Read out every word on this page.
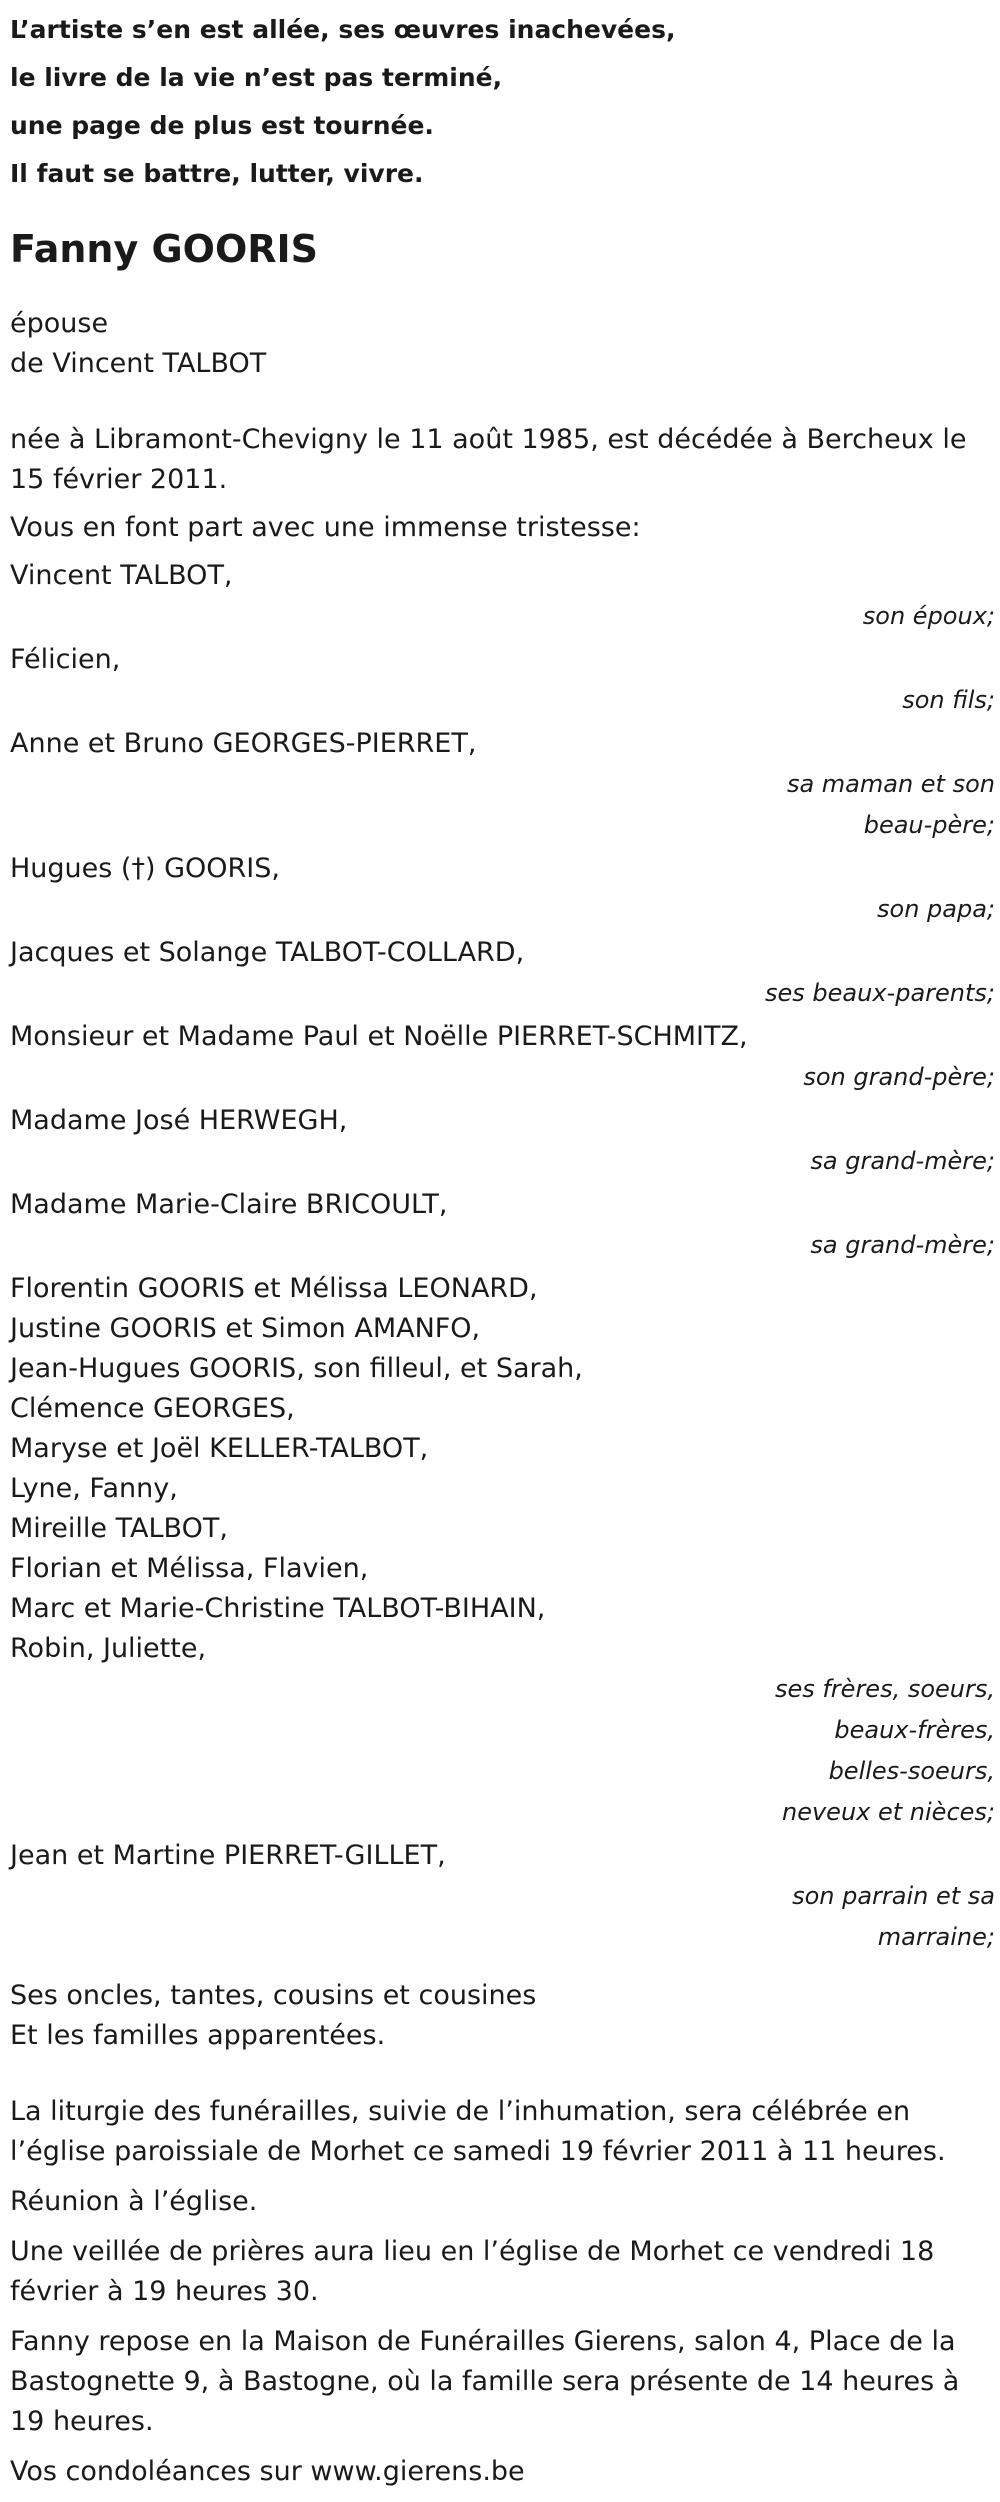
L’artiste s’en est allée, ses œuvres inachevées,
le livre de la vie n’est pas terminé,
une page de plus est tournée.
Il faut se battre, lutter, vivre.
Fanny GOORIS
épouse
de Vincent TALBOT
née à Libramont-Chevigny le 11 août 1985, est décédée à Bercheux le 15 février 2011.
Vous en font part avec une immense tristesse:
Vincent TALBOT,
son époux;
Félicien,
son fils;
Anne et Bruno GEORGES-PIERRET,
sa maman et son
beau-père;
Hugues (†) GOORIS,
son papa;
Jacques et Solange TALBOT-COLLARD,
ses beaux-parents;
Monsieur et Madame Paul et Noëlle PIERRET-SCHMITZ,
son grand-père;
Madame José HERWEGH,
sa grand-mère;
Madame Marie-Claire BRICOULT,
sa grand-mère;
Florentin GOORIS et Mélissa LEONARD,
Justine GOORIS et Simon AMANFO,
Jean-Hugues GOORIS, son filleul, et Sarah,
Clémence GEORGES,
Maryse et Joël KELLER-TALBOT,
Lyne, Fanny,
Mireille TALBOT,
Florian et Mélissa, Flavien,
Marc et Marie-Christine TALBOT-BIHAIN,
Robin, Juliette,
ses frères, soeurs,
beaux-frères,
belles-soeurs,
neveux et nièces;
Jean et Martine PIERRET-GILLET,
son parrain et sa
marraine;
Ses oncles, tantes, cousins et cousines
Et les familles apparentées.
La liturgie des funérailles, suivie de l’inhumation, sera célébrée en l’église paroissiale de Morhet ce samedi 19 février 2011 à 11 heures.
Réunion à l’église.
Une veillée de prières aura lieu en l’église de Morhet ce vendredi 18 février à 19 heures 30.
Fanny repose en la Maison de Funérailles Gierens, salon 4, Place de la Bastognette 9, à Bastogne, où la famille sera présente de 14 heures à 19 heures.
Vos condoléances sur www.gierens.be
